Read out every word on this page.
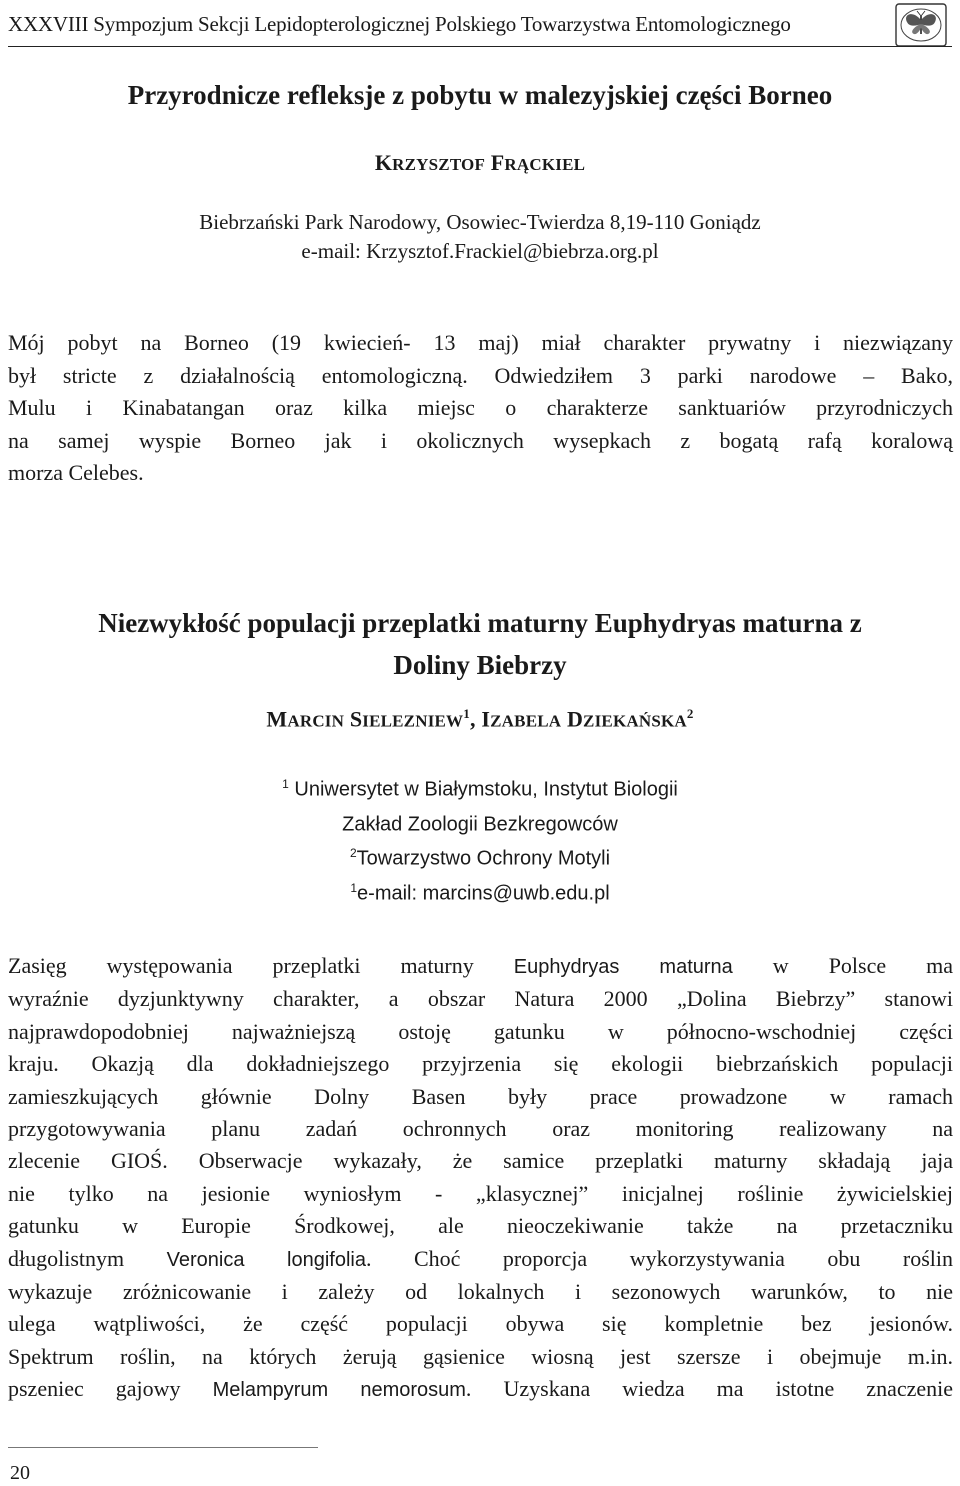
XXXVIII Sympozjum Sekcji Lepidopterologicznej Polskiego Towarzystwa Entomologicznego
Przyrodnicze refleksje z pobytu w malezyjskiej części Borneo
KRZYSZTOF FRĄCKIEL
Biebrzański Park Narodowy, Osowiec-Twierdza 8,19-110 Goniądz
e-mail: Krzysztof.Frackiel@biebrza.org.pl

Mój pobyt na Borneo (19 kwiecień- 13 maj) miał charakter prywatny i niezwiązany
był stricte z działalnością entomologiczną. Odwiedziłem 3 parki narodowe – Bako,
Mulu i Kinabatangan oraz kilka miejsc o charakterze sanktuariów przyrodniczych
na samej wyspie Borneo jak i okolicznych wysepkach z bogatą rafą koralową
morza Celebes.

Niezwykłość populacji przeplatki maturny Euphydryas maturna z
Doliny Biebrzy
MARCIN SIELEZNIEW$^1$, IZABELA DZIEKAŃSKA$^2$
$^1$ Uniwersytet w Białymstoku, Instytut Biologii
Zakład Zoologii Bezkregowców
$^2$Towarzystwo Ochrony Motyli
$^1$e-mail: marcins@uwb.edu.pl

Zasięg występowania przeplatki maturny Euphydryas maturna w Polsce ma
wyraźnie dyzjunktywny charakter, a obszar Natura 2000 „Dolina Biebrzy” stanowi
najprawdopodobniej najważniejszą ostoję gatunku w północno-wschodniej części
kraju. Okazją dla dokładniejszego przyjrzenia się ekologii biebrzańskich populacji
zamieszkujących głównie Dolny Basen były prace prowadzone w ramach
przygotowywania planu zadań ochronnych oraz monitoring realizowany na
zlecenie GIOŚ. Obserwacje wykazały, że samice przeplatki maturny składają jaja
nie tylko na jesionie wyniosłym - „klasycznej” inicjalnej roślinie żywicielskiej
gatunku w Europie Środkowej, ale nieoczekiwanie także na przetaczniku
długolistnym Veronica longifolia. Choć proporcja wykorzystywania obu roślin
wykazuje zróżnicowanie i zależy od lokalnych i sezonowych warunków, to nie
ulega wątpliwości, że część populacji obywa się kompletnie bez jesionów.
Spektrum roślin, na których żerują gąsienice wiosną jest szersze i obejmuje m.in.
pszeniec gajowy Melampyrum nemorosum. Uzyskana wiedza ma istotne znaczenie

20
